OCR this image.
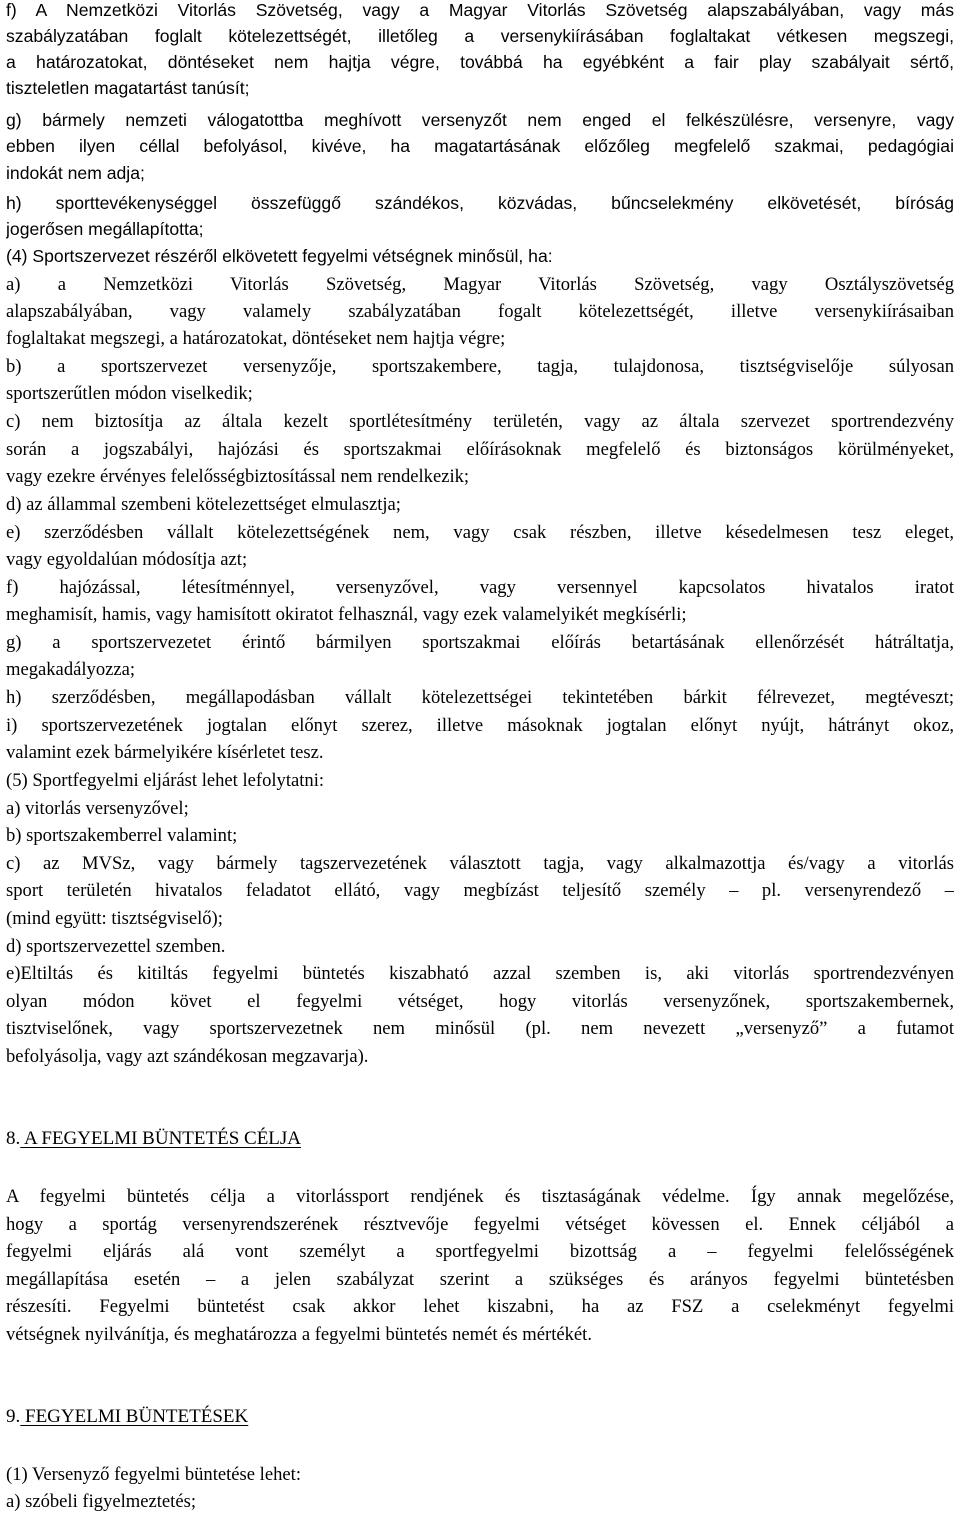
f) A Nemzetközi Vitorlás Szövetség, vagy a Magyar Vitorlás Szövetség alapszabályában, vagy más
szabályzatában foglalt kötelezettségét, illetőleg a versenykiírásában foglaltakat vétkesen megszegi,
a határozatokat, döntéseket nem hajtja végre, továbbá ha egyébként a fair play szabályait sértő,
tiszteletlen magatartást tanúsít;
g) bármely nemzeti válogatottba meghívott versenyzőt nem enged el felkészülésre, versenyre, vagy
ebben ilyen céllal befolyásol, kivéve, ha magatartásának előzőleg megfelelő szakmai, pedagógiai
indokát nem adja;
h) sporttevékenységgel összefüggő szándékos, közvádas, bűncselekmény elkövetését, bíróság
jogerősen megállapította;
(4) Sportszervezet részéről elkövetett fegyelmi vétségnek minősül, ha:
a) a Nemzetközi Vitorlás Szövetség, Magyar Vitorlás Szövetség, vagy Osztályszövetség
alapszabályában, vagy valamely szabályzatában fogalt kötelezettségét, illetve versenykiírásaiban
foglaltakat megszegi, a határozatokat, döntéseket nem hajtja végre;
b) a sportszervezet versenyzője, sportszakembere, tagja, tulajdonosa, tisztségviselője súlyosan
sportszerűtlen módon viselkedik;
c) nem biztosítja az általa kezelt sportlétesítmény területén, vagy az általa szervezet sportrendezvény
során a jogszabályi, hajózási és sportszakmai előírásoknak megfelelő és biztonságos körülményeket,
vagy ezekre érvényes felelősségbiztosítással nem rendelkezik;
d) az állammal szembeni kötelezettséget elmulasztja;
e) szerződésben vállalt kötelezettségének nem, vagy csak részben, illetve késedelmesen tesz eleget,
vagy egyoldalúan módosítja azt;
f) hajózással, létesítménnyel, versenyzővel, vagy versennyel kapcsolatos hivatalos iratot
meghamisít, hamis, vagy hamisított okiratot felhasznál, vagy ezek valamelyikét megkísérli;
g) a sportszervezetet érintő bármilyen sportszakmai előírás betartásának ellenőrzését hátráltatja,
megakadályozza;
h) szerződésben, megállapodásban vállalt kötelezettségei tekintetében bárkit félrevezet, megtéveszt;
i) sportszervezetének jogtalan előnyt szerez, illetve másoknak jogtalan előnyt nyújt, hátrányt okoz,
valamint ezek bármelyikére kísérletet tesz.
(5) Sportfegyelmi eljárást lehet lefolytatni:
a) vitorlás versenyzővel;
b) sportszakemberrel valamint;
c) az MVSz, vagy bármely tagszervezetének választott tagja, vagy alkalmazottja és/vagy a vitorlás
sport területén hivatalos feladatot ellátó, vagy megbízást teljesítő személy – pl. versenyrendező –
(mind együtt: tisztségviselő);
d) sportszervezettel szemben.
e)Eltiltás és kitiltás fegyelmi büntetés kiszabható azzal szemben is, aki vitorlás sportrendezvényen
olyan módon követ el fegyelmi vétséget, hogy vitorlás versenyzőnek, sportszakembernek,
tisztviselőnek, vagy sportszervezetnek nem minősül (pl. nem nevezett „versenyző” a futamot
befolyásolja, vagy azt szándékosan megzavarja).
8. A FEGYELMI BÜNTETÉS CÉLJA
A fegyelmi büntetés célja a vitorlássport rendjének és tisztaságának védelme. Így annak megelőzése,
hogy a sportág versenyrendszerének résztvevője fegyelmi vétséget kövessen el. Ennek céljából a
fegyelmi eljárás alá vont személyt a sportfegyelmi bizottság a – fegyelmi felelősségének
megállapítása esetén – a jelen szabályzat szerint a szükséges és arányos fegyelmi büntetésben
részesíti. Fegyelmi büntetést csak akkor lehet kiszabni, ha az FSZ a cselekményt fegyelmi
vétségnek nyilvánítja, és meghatározza a fegyelmi büntetés nemét és mértékét.
9. FEGYELMI BÜNTETÉSEK
(1) Versenyző fegyelmi büntetése lehet:
a) szóbeli figyelmeztetés;
